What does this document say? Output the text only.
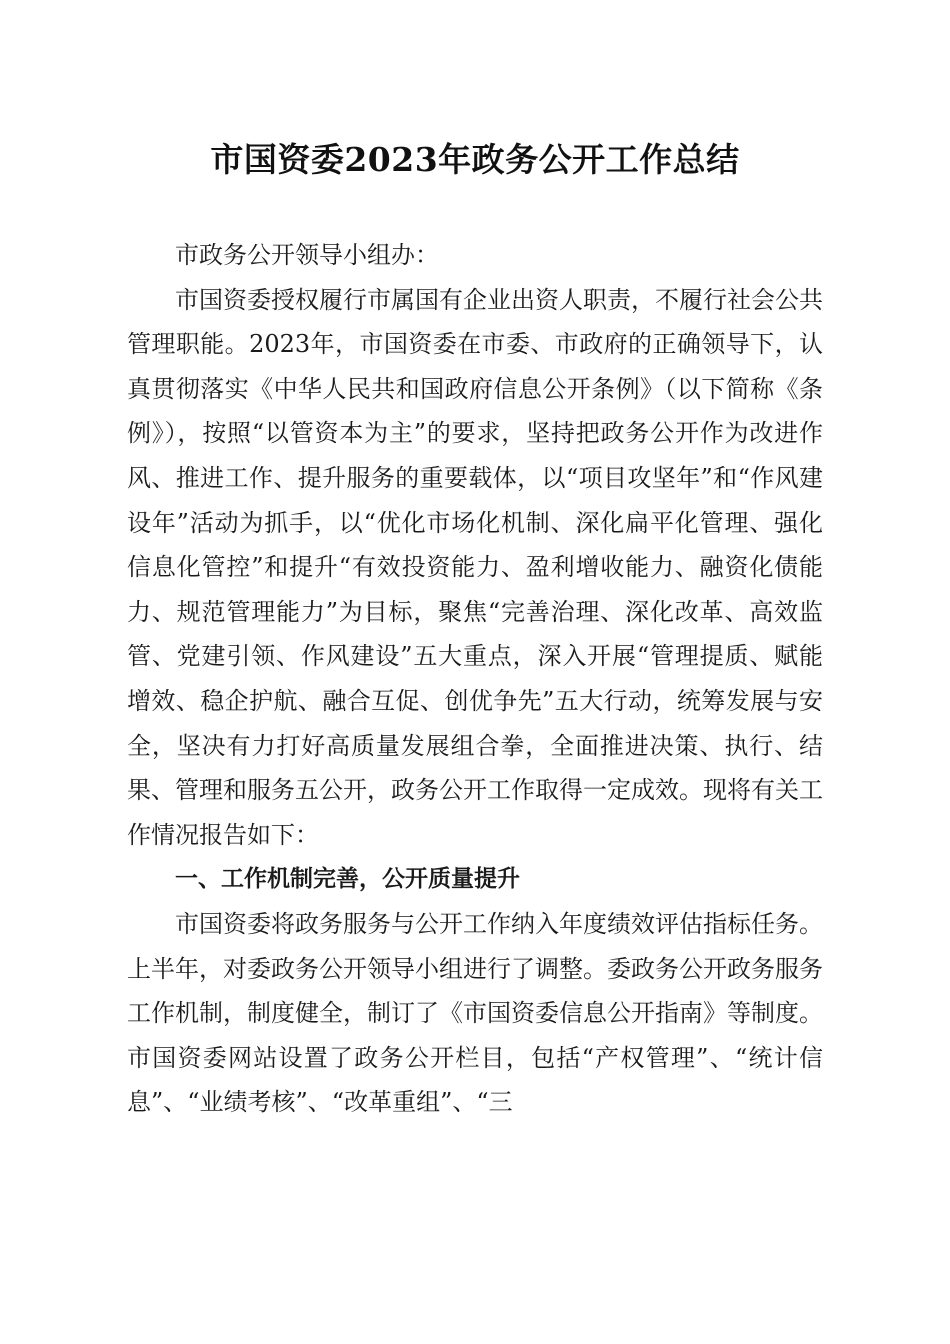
市国资委2023年政务公开工作总结

市政务公开领导小组办：

市国资委授权履行市属国有企业出资人职责，不履行社会公共管理职能。2023年，市国资委在市委、市政府的正确领导下，认真贯彻落实《中华人民共和国政府信息公开条例》（以下简称《条例》），按照“以管资本为主”的要求，坚持把政务公开作为改进作风、推进工作、提升服务的重要载体，以“项目攻坚年”和“作风建设年”活动为抓手，以“优化市场化机制、深化扁平化管理、强化信息化管控”和提升“有效投资能力、盈利增收能力、融资化债能力、规范管理能力”为目标，聚焦“完善治理、深化改革、高效监管、党建引领、作风建设”五大重点，深入开展“管理提质、赋能增效、稳企护航、融合互促、创优争先”五大行动，统筹发展与安全，坚决有力打好高质量发展组合拳，全面推进决策、执行、结果、管理和服务五公开，政务公开工作取得一定成效。现将有关工作情况报告如下：

一、工作机制完善，公开质量提升

市国资委将政务服务与公开工作纳入年度绩效评估指标任务。上半年，对委政务公开领导小组进行了调整。委政务公开政务服务工作机制，制度健全，制订了《市国资委信息公开指南》等制度。市国资委网站设置了政务公开栏目，包括“产权管理”、“统计信息”、“业绩考核”、“改革重组”、“三
